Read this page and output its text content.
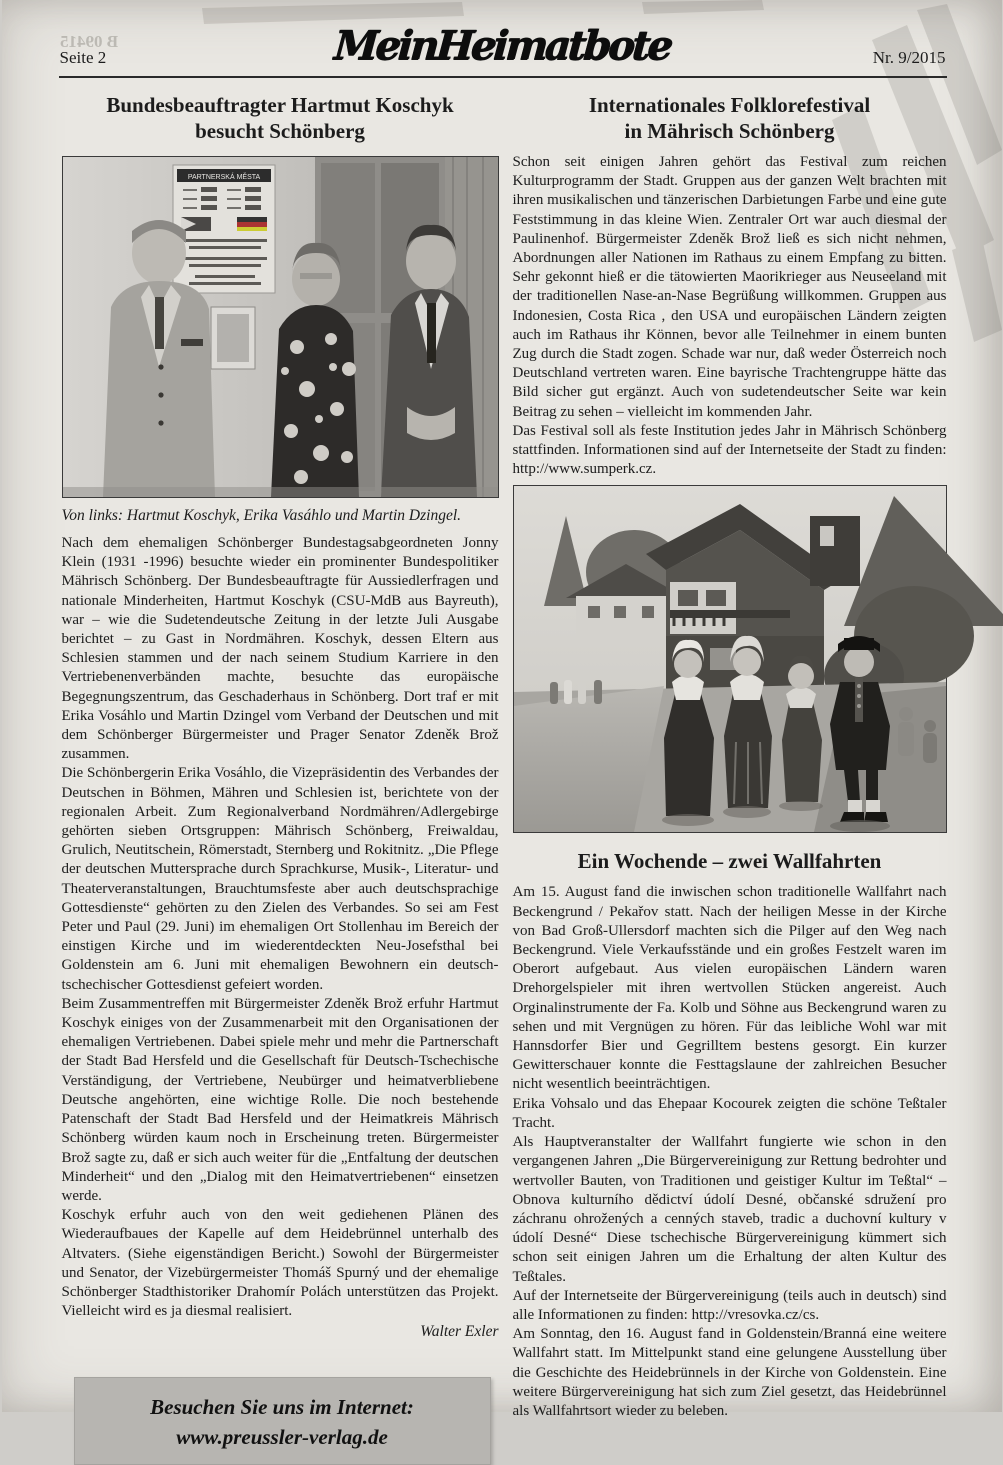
B 09415
Seite 2	MeinHeimatbote	Nr. 9/2015
Bundesbeauftragter Hartmut Koschyk
besucht Schönberg
PARTNERSKÁ MĚSTA
Von links: Hartmut Koschyk, Erika Vasáhlo und Martin Dzingel.

Nach dem ehemaligen Schönberger Bundestagsabgeordneten Jonny Klein (1931 -1996) besuchte wieder ein prominenter Bundespolitiker Mährisch Schönberg. Der Bundesbeauftragte für Aussiedlerfragen und nationale Minderheiten, Hartmut Koschyk (CSU-MdB aus Bayreuth), war – wie die Sudetendeutsche Zeitung in der letzte Juli Ausgabe berichtet – zu Gast in Nordmähren. Koschyk, dessen Eltern aus Schlesien stammen und der nach seinem Studium Karriere in den Vertriebenenverbänden machte, besuchte das europäische Begegnungszentrum, das Geschaderhaus in Schönberg. Dort traf er mit Erika Vosáhlo und Martin Dzingel vom Verband der Deutschen und mit dem Schönberger Bürgermeister und Prager Senator Zdeněk Brož zusammen.

Die Schönbergerin Erika Vosáhlo, die Vizepräsidentin des Verbandes der Deutschen in Böhmen, Mähren und Schlesien ist, berichtete von der regionalen Arbeit. Zum Regionalverband Nordmähren/Adlergebirge gehörten sieben Ortsgruppen: Mährisch Schönberg, Freiwaldau, Grulich, Neutitschein, Römerstadt, Sternberg und Rokitnitz. „Die Pflege der deutschen Muttersprache durch Sprachkurse, Musik-, Literatur- und Theaterveranstaltungen, Brauchtumsfeste aber auch deutschsprachige Gottesdienste“ gehörten zu den Zielen des Verbandes. So sei am Fest Peter und Paul (29. Juni) im ehemaligen Ort Stollenhau im Bereich der einstigen Kirche und im wiederentdeckten Neu-Josefsthal bei Goldenstein am 6. Juni mit ehemaligen Bewohnern ein deutsch-tschechischer Gottesdienst gefeiert worden.

Beim Zusammentreffen mit Bürgermeister Zdeněk Brož erfuhr Hartmut Koschyk einiges von der Zusammenarbeit mit den Organisationen der ehemaligen Vertriebenen. Dabei spiele mehr und mehr die Partnerschaft der Stadt Bad Hersfeld und die Gesellschaft für Deutsch-Tschechische Verständigung, der Vertriebene, Neubürger und heimatverbliebene Deutsche angehörten, eine wichtige Rolle. Die noch bestehende Patenschaft der Stadt Bad Hersfeld und der Heimatkreis Mährisch Schönberg würden kaum noch in Erscheinung treten. Bürgermeister Brož sagte zu, daß er sich auch weiter für die „Entfaltung der deutschen Minderheit“ und den „Dialog mit den Heimatvertriebenen“ einsetzen werde.

Koschyk erfuhr auch von den weit gediehenen Plänen des Wiederaufbaues der Kapelle auf dem Heidebrünnel unterhalb des Altvaters. (Siehe eigenständigen Bericht.) Sowohl der Bürgermeister und Senator, der Vizebürgermeister Thomáš Spurný und der ehemalige Schönberger Stadthistoriker Drahomír Polách unterstützen das Projekt. Vielleicht wird es ja diesmal realisiert.

Walter Exler
Besuchen Sie uns im Internet:
www.preussler-verlag.de
Internationales Folklorefestival
in Mährisch Schönberg

Schon seit einigen Jahren gehört das Festival zum reichen Kulturprogramm der Stadt. Gruppen aus der ganzen Welt brachten mit ihren musikalischen und tänzerischen Darbietungen Farbe und eine gute Feststimmung in das kleine Wien. Zentraler Ort war auch diesmal der Paulinenhof. Bürgermeister Zdeněk Brož ließ es sich nicht nehmen, Abordnungen aller Nationen im Rathaus zu einem Empfang zu bitten. Sehr gekonnt hieß er die tätowierten Maorikrieger aus Neuseeland mit der traditionellen Nase-an-Nase Begrüßung willkommen. Gruppen aus Indonesien, Costa Rica , den USA und europäischen Ländern zeigten auch im Rathaus ihr Können, bevor alle Teilnehmer in einem bunten Zug durch die Stadt zogen. Schade war nur, daß weder Österreich noch Deutschland vertreten waren. Eine bayrische Trachtengruppe hätte das Bild sicher gut ergänzt. Auch von sudetendeutscher Seite war kein Beitrag zu sehen – vielleicht im kommenden Jahr.

Das Festival soll als feste Institution jedes Jahr in Mährisch Schönberg stattfinden. Informationen sind auf der Internetseite der Stadt zu finden: http://www.sumperk.cz.

Ein Wochende – zwei Wallfahrten

Am 15. August fand die inwischen schon traditionelle Wallfahrt nach Beckengrund / Pekařov statt. Nach der heiligen Messe in der Kirche von Bad Groß-Ullersdorf machten sich die Pilger auf den Weg nach Beckengrund. Viele Verkaufsstände und ein großes Festzelt waren im Oberort aufgebaut. Aus vielen europäischen Ländern waren Drehorgelspieler mit ihren wertvollen Stücken angereist. Auch Orginalinstrumente der Fa. Kolb und Söhne aus Beckengrund waren zu sehen und mit Vergnügen zu hören. Für das leibliche Wohl war mit Hannsdorfer Bier und Gegrilltem bestens gesorgt. Ein kurzer Gewitterschauer konnte die Festtagslaune der zahlreichen Besucher nicht wesentlich beeinträchtigen.

Erika Vohsalo und das Ehepaar Kocourek zeigten die schöne Teßtaler Tracht.

Als Hauptveranstalter der Wallfahrt fungierte wie schon in den vergangenen Jahren „Die Bürgervereinigung zur Rettung bedrohter und wertvoller Bauten, von Traditionen und geistiger Kultur im Teßtal“ – Obnova kulturního dědictví údolí Desné, občanské sdružení pro záchranu ohrožených a cenných staveb, tradic a duchovní kultury v údolí Desné“ Diese tschechische Bürgervereinigung kümmert sich schon seit einigen Jahren um die Erhaltung der alten Kultur des Teßtales.

Auf der Internetseite der Bürgervereinigung (teils auch in deutsch) sind alle Informationen zu finden: http://vresovka.cz/cs.

Am Sonntag, den 16. August fand in Goldenstein/Branná eine weitere Wallfahrt statt. Im Mittelpunkt stand eine gelungene Ausstellung über die Geschichte des Heidebrünnels in der Kirche von Goldenstein. Eine weitere Bürgervereinigung hat sich zum Ziel gesetzt, das Heidebrünnel als Wallfahrtsort wieder zu beleben.
